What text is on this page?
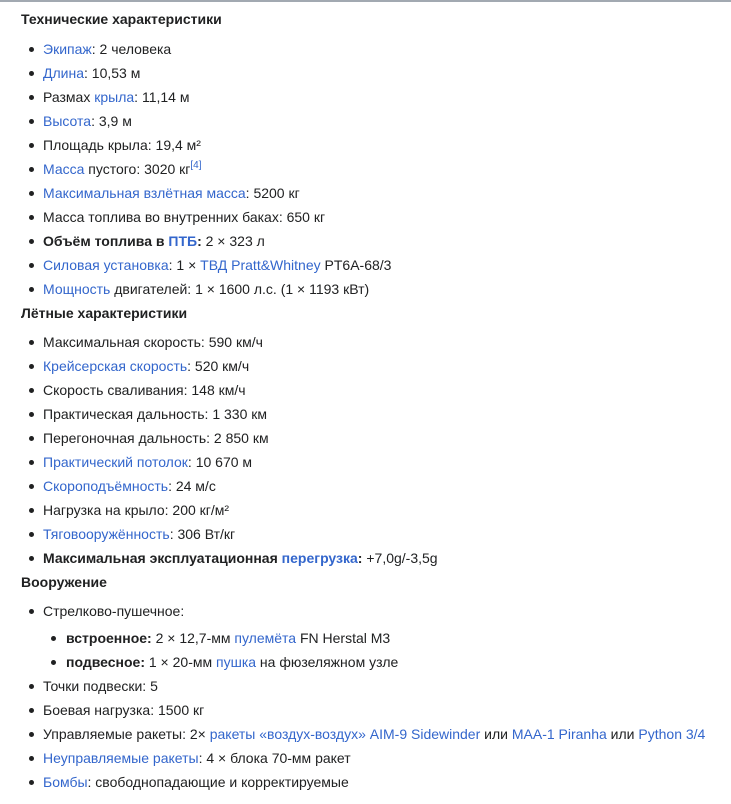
Технические характеристики
Экипаж: 2 человека
Длина: 10,53 м
Размах крыла: 11,14 м
Высота: 3,9 м
Площадь крыла: 19,4 м²
Масса пустого: 3020 кг[4]
Максимальная взлётная масса: 5200 кг
Масса топлива во внутренних баках: 650 кг
Объём топлива в ПТБ: 2 × 323 л
Силовая установка: 1 × ТВД Pratt&Whitney PT6A-68/3
Мощность двигателей: 1 × 1600 л.с. (1 × 1193 кВт)
Лётные характеристики
Максимальная скорость: 590 км/ч
Крейсерская скорость: 520 км/ч
Скорость сваливания: 148 км/ч
Практическая дальность: 1 330 км
Перегоночная дальность: 2 850 км
Практический потолок: 10 670 м
Скороподъёмность: 24 м/с
Нагрузка на крыло: 200 кг/м²
Тяговооружённость: 306 Вт/кг
Максимальная эксплуатационная перегрузка: +7,0g/-3,5g
Вооружение
Стрелково-пушечное:
встроенное: 2 × 12,7-мм пулемёта FN Herstal M3
подвесное: 1 × 20-мм пушка на фюзеляжном узле
Точки подвески: 5
Боевая нагрузка: 1500 кг
Управляемые ракеты: 2× ракеты «воздух-воздух» AIM-9 Sidewinder или MAA-1 Piranha или Python 3/4
Неуправляемые ракеты: 4 × блока 70-мм ракет
Бомбы: свободнопадающие и корректируемые
